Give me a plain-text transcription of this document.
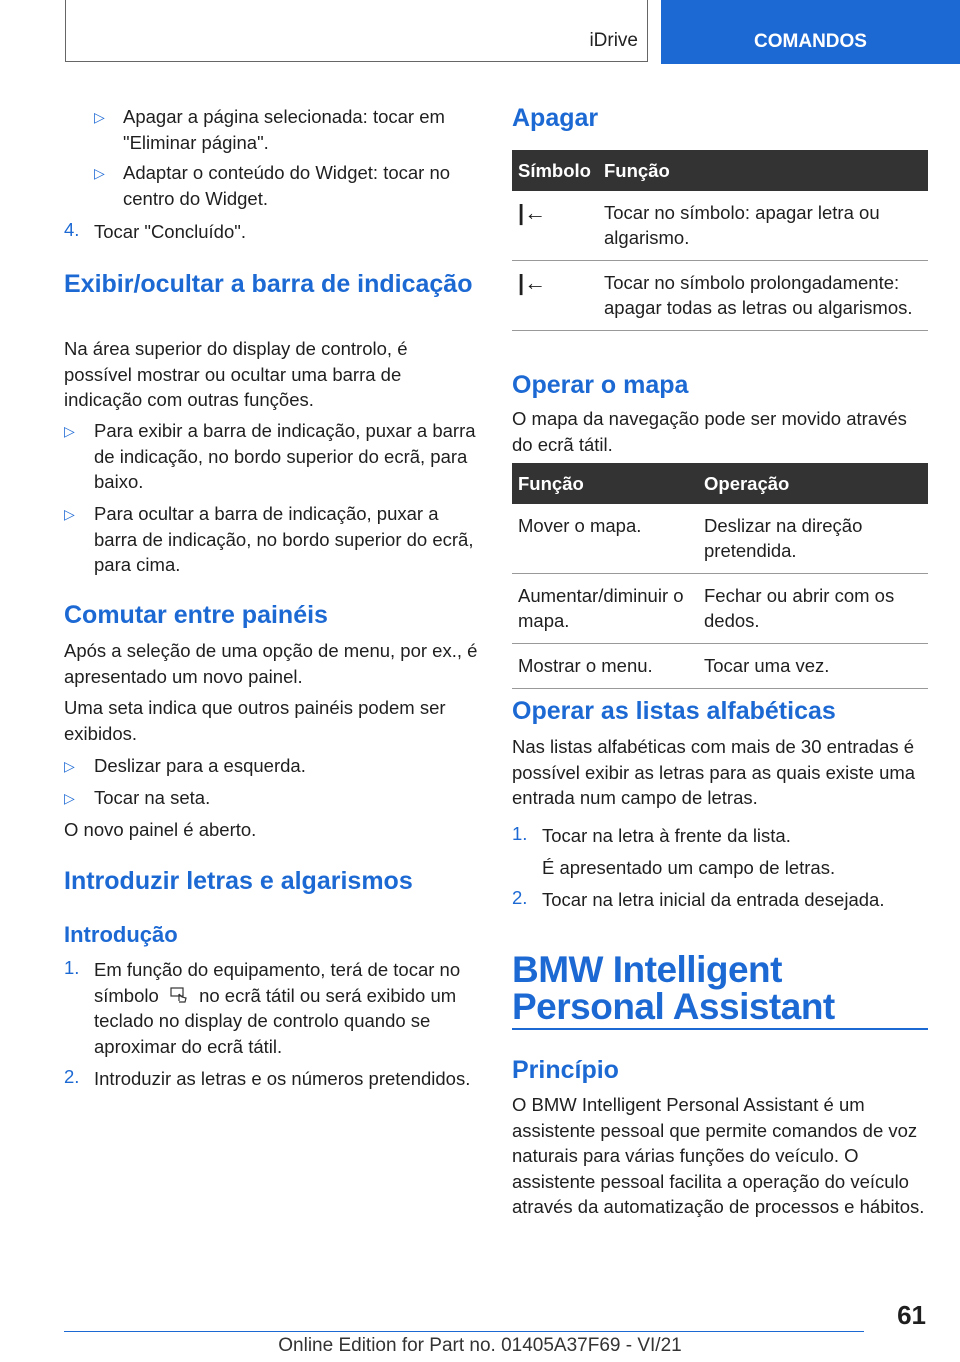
iDrive	COMANDOS
▷ Apagar a página selecionada: tocar em "Eliminar página".

▷ Adaptar o conteúdo do Widget: tocar no centro do Widget.

4. Tocar "Concluído".

Exibir/ocultar a barra de indicação

Na área superior do display de controlo, é possível mostrar ou ocultar uma barra de indicação com outras funções.

▷ Para exibir a barra de indicação, puxar a barra de indicação, no bordo superior do ecrã, para baixo.

▷ Para ocultar a barra de indicação, puxar a barra de indicação, no bordo superior do ecrã, para cima.

Comutar entre painéis

Após a seleção de uma opção de menu, por ex., é apresentado um novo painel.

Uma seta indica que outros painéis podem ser exibidos.

▷ Deslizar para a esquerda.

▷ Tocar na seta.

O novo painel é aberto.

Introduzir letras e algarismos
Introdução
1. Em função do equipamento, terá de tocar no símbolo no ecrã tátil ou será exibido um teclado no display de controlo quando se aproximar do ecrã tátil.

2. Introduzir as letras e os números pretendidos.

Apagar
Símbolo	Função
|←	Tocar no símbolo: apagar letra ou algarismo.
|←	Tocar no símbolo prolongadamente: apagar todas as letras ou algarismos.
Operar o mapa

O mapa da navegação pode ser movido através do ecrã tátil.

Função	Operação
Mover o mapa.	Deslizar na direção pretendida.
Aumentar/diminuir o mapa.	Fechar ou abrir com os dedos.
Mostrar o menu.	Tocar uma vez.
Operar as listas alfabéticas

Nas listas alfabéticas com mais de 30 entradas é possível exibir as letras para as quais existe uma entrada num campo de letras.

1. Tocar na letra à frente da lista.

É apresentado um campo de letras.

2. Tocar na letra inicial da entrada desejada.

BMW Intelligent Personal Assistant
Princípio

O BMW Intelligent Personal Assistant é um assistente pessoal que permite comandos de voz naturais para várias funções do veículo. O assistente pessoal facilita a operação do veículo através da automatização de processos e hábitos.

61
Online Edition for Part no. 01405A37F69 - VI/21
